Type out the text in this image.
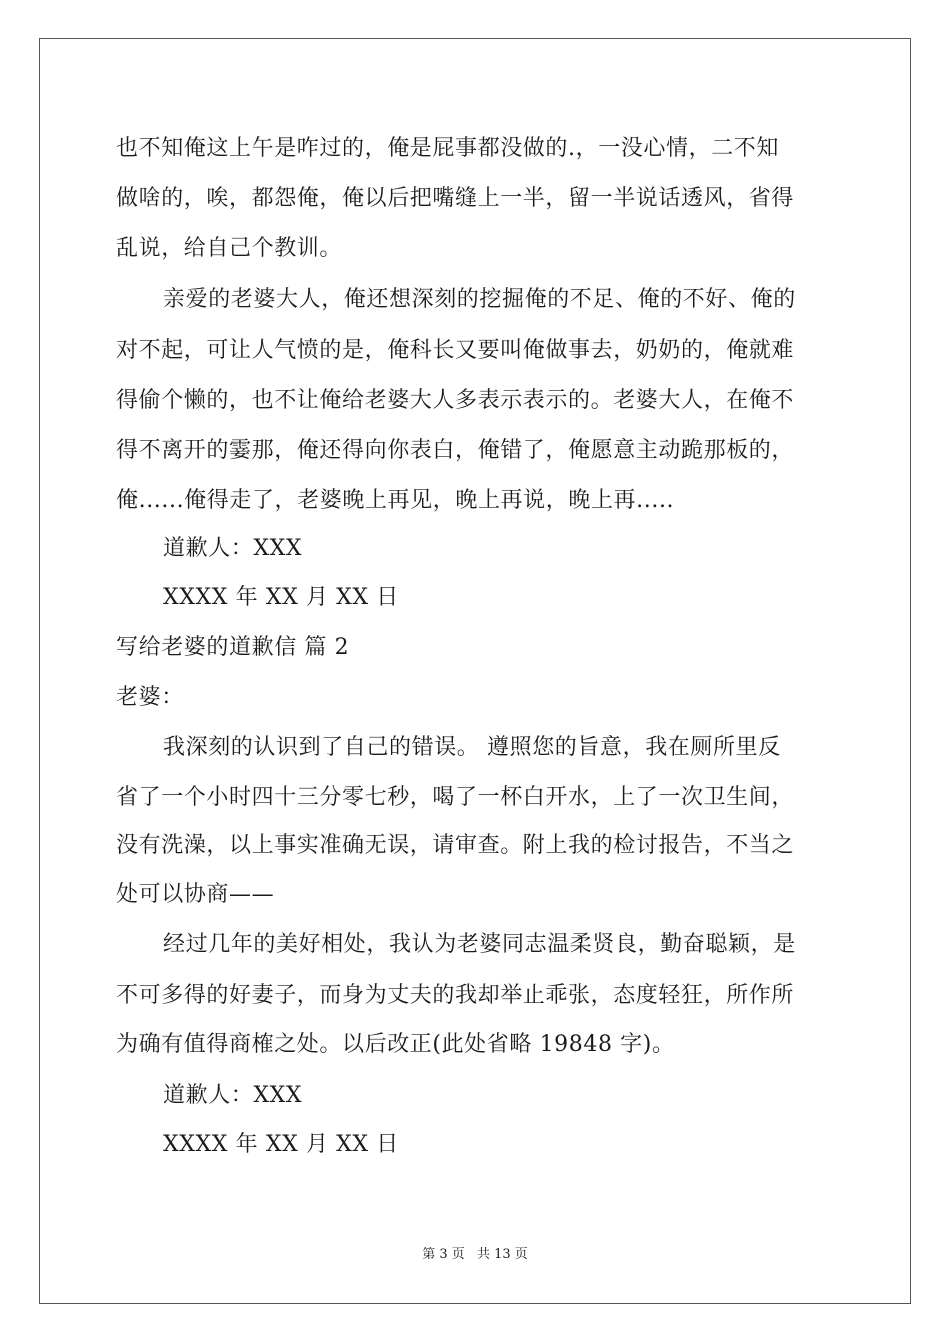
也不知俺这上午是咋过的，俺是屁事都没做的.，一没心情，二不知
做啥的，唉，都怨俺，俺以后把嘴缝上一半，留一半说话透风，省得
乱说，给自己个教训。
亲爱的老婆大人，俺还想深刻的挖掘俺的不足、俺的不好、俺的
对不起，可让人气愤的是，俺科长又要叫俺做事去，奶奶的，俺就难
得偷个懒的，也不让俺给老婆大人多表示表示的。老婆大人，在俺不
得不离开的霎那，俺还得向你表白，俺错了，俺愿意主动跪那板的，
俺......俺得走了，老婆晚上再见，晚上再说，晚上再.....
道歉人：XXX
XXXX 年 XX 月 XX 日
写给老婆的道歉信 篇 2
老婆：
我深刻的认识到了自己的错误。 遵照您的旨意，我在厕所里反
省了一个小时四十三分零七秒，喝了一杯白开水，上了一次卫生间，
没有洗澡，以上事实准确无误，请审查。附上我的检讨报告，不当之
处可以协商——
经过几年的美好相处，我认为老婆同志温柔贤良，勤奋聪颖，是
不可多得的好妻子，而身为丈夫的我却举止乖张，态度轻狂，所作所
为确有值得商榷之处。以后改正(此处省略 19848 字)。
道歉人：XXX
XXXX 年 XX 月 XX 日
第 3 页 共 13 页
